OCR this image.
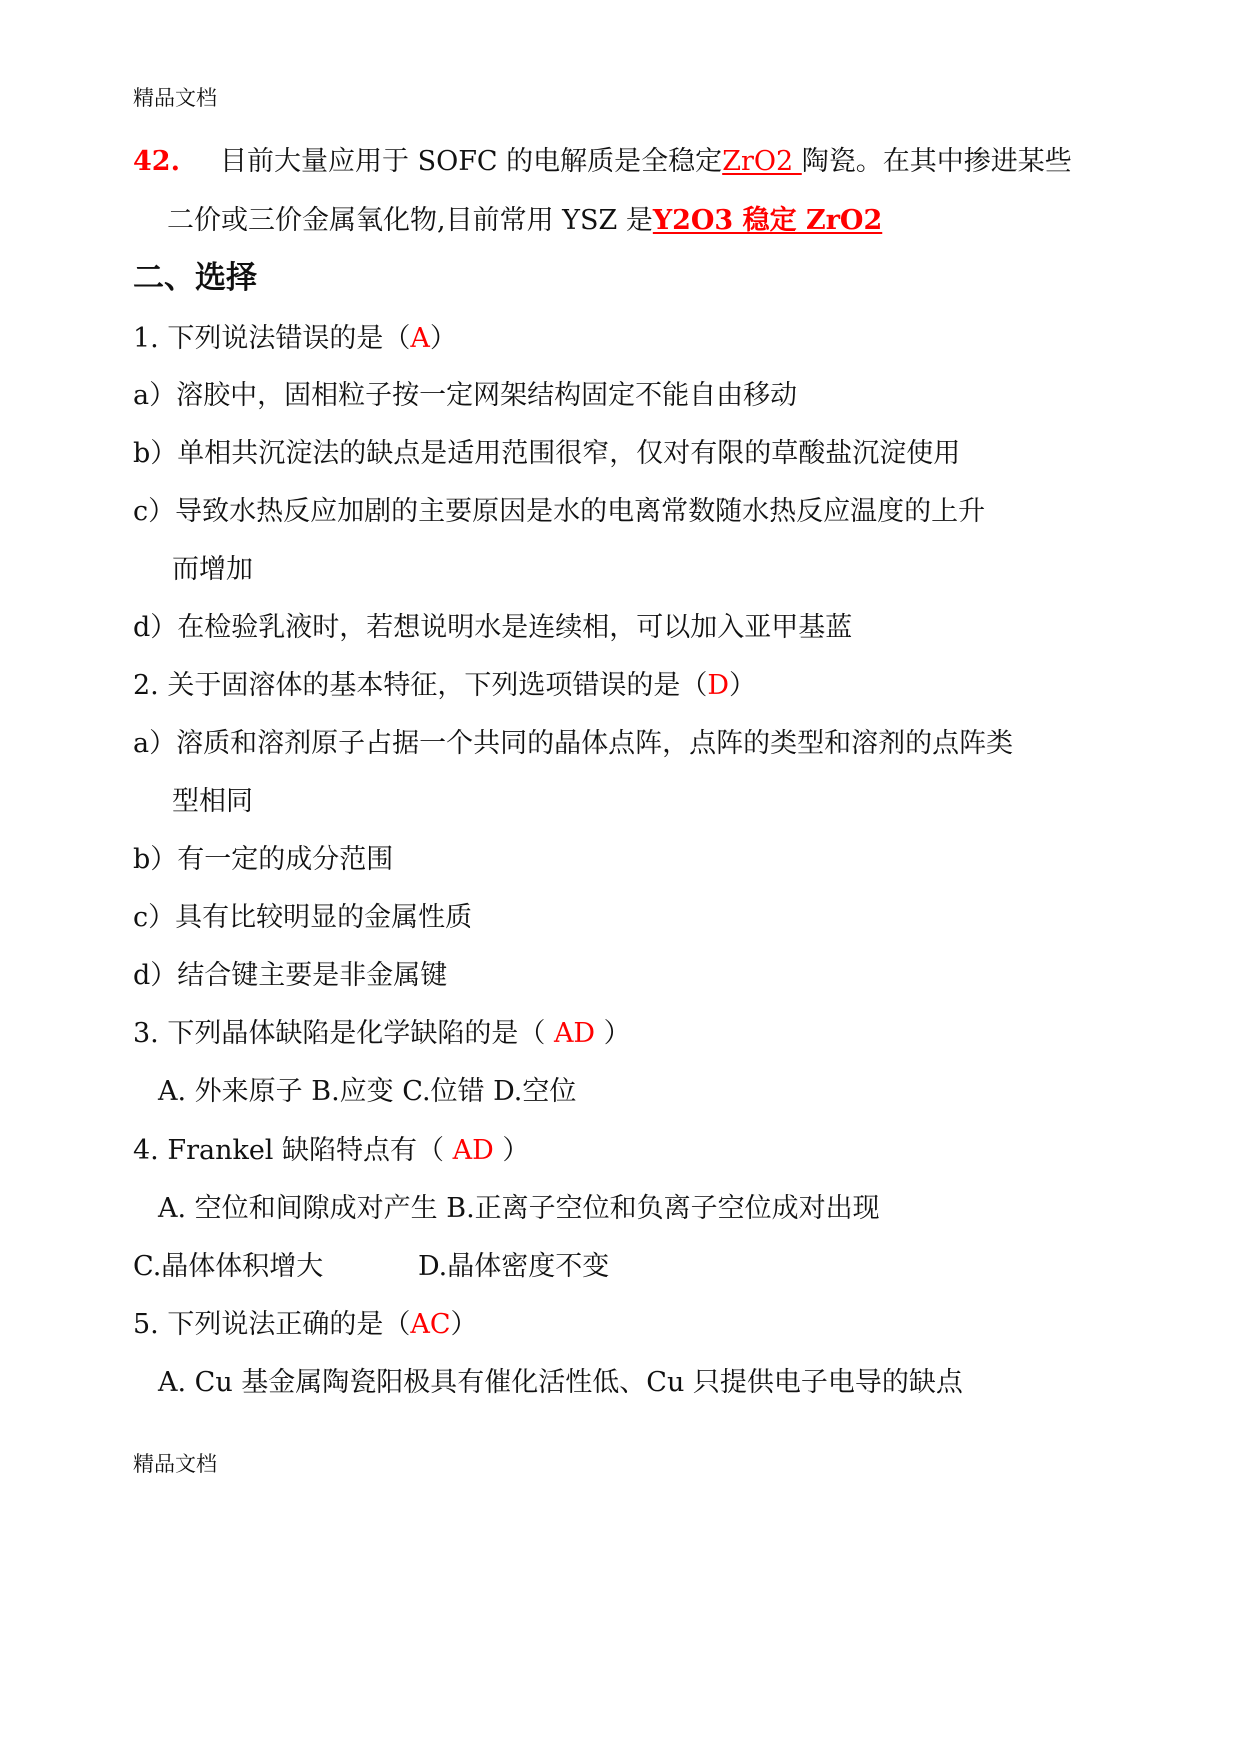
精品文档
42. 目前大量应用于 SOFC 的电解质是全稳定ZrO2 陶瓷。在其中掺进某些
二价或三价金属氧化物,目前常用 YSZ 是Y2O3 稳定 ZrO2
二、选择
1. 下列说法错误的是（A）
a）溶胶中，固相粒子按一定网架结构固定不能自由移动
b）单相共沉淀法的缺点是适用范围很窄，仅对有限的草酸盐沉淀使用
c）导致水热反应加剧的主要原因是水的电离常数随水热反应温度的上升
而增加
d）在检验乳液时，若想说明水是连续相，可以加入亚甲基蓝
2. 关于固溶体的基本特征，下列选项错误的是（D）
a）溶质和溶剂原子占据一个共同的晶体点阵，点阵的类型和溶剂的点阵类
型相同
b）有一定的成分范围
c）具有比较明显的金属性质
d）结合键主要是非金属键
3. 下列晶体缺陷是化学缺陷的是（ AD ）
A. 外来原子 B.应变 C.位错 D.空位
4. Frankel 缺陷特点有（ AD ）
A. 空位和间隙成对产生 B.正离子空位和负离子空位成对出现
C.晶体体积增大	D.晶体密度不变
5. 下列说法正确的是（AC）
A. Cu 基金属陶瓷阳极具有催化活性低、Cu 只提供电子电导的缺点
精品文档
